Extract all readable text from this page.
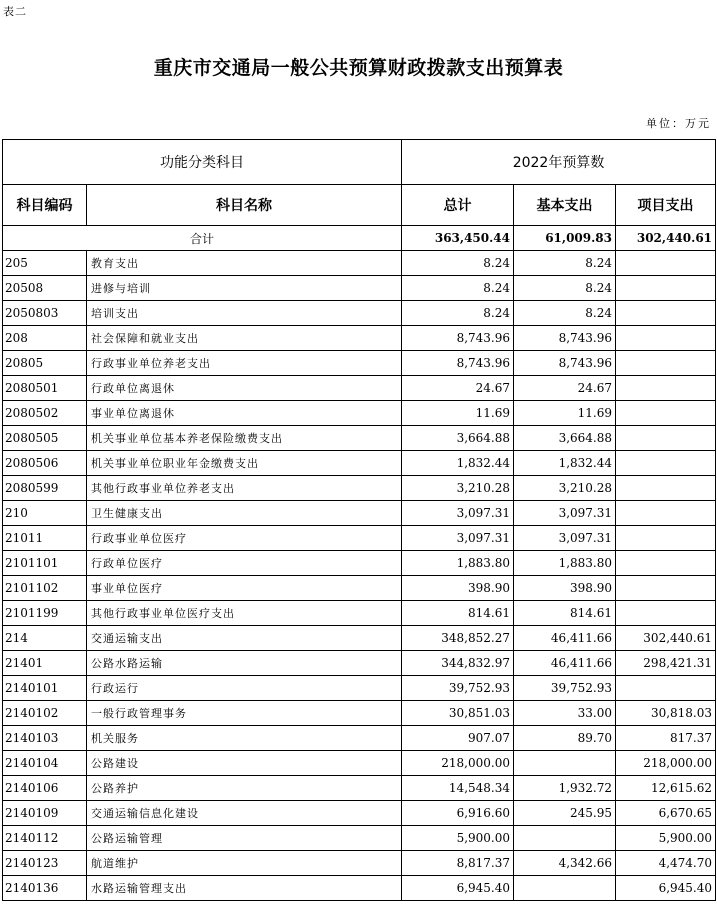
表二
重庆市交通局一般公共预算财政拨款支出预算表
单位：万元
功能分类科目		2022年预算数		
科目编码	科目名称	总计	基本支出	项目支出
合计		363,450.44	61,009.83	302,440.61
205	教育支出	8.24	8.24	
20508	进修与培训	8.24	8.24	
2050803	培训支出	8.24	8.24	
208	社会保障和就业支出	8,743.96	8,743.96	
20805	行政事业单位养老支出	8,743.96	8,743.96	
2080501	行政单位离退休	24.67	24.67	
2080502	事业单位离退休	11.69	11.69	
2080505	机关事业单位基本养老保险缴费支出	3,664.88	3,664.88	
2080506	机关事业单位职业年金缴费支出	1,832.44	1,832.44	
2080599	其他行政事业单位养老支出	3,210.28	3,210.28	
210	卫生健康支出	3,097.31	3,097.31	
21011	行政事业单位医疗	3,097.31	3,097.31	
2101101	行政单位医疗	1,883.80	1,883.80	
2101102	事业单位医疗	398.90	398.90	
2101199	其他行政事业单位医疗支出	814.61	814.61	
214	交通运输支出	348,852.27	46,411.66	302,440.61
21401	公路水路运输	344,832.97	46,411.66	298,421.31
2140101	行政运行	39,752.93	39,752.93	
2140102	一般行政管理事务	30,851.03	33.00	30,818.03
2140103	机关服务	907.07	89.70	817.37
2140104	公路建设	218,000.00		218,000.00
2140106	公路养护	14,548.34	1,932.72	12,615.62
2140109	交通运输信息化建设	6,916.60	245.95	6,670.65
2140112	公路运输管理	5,900.00		5,900.00
2140123	航道维护	8,817.37	4,342.66	4,474.70
2140136	水路运输管理支出	6,945.40		6,945.40
